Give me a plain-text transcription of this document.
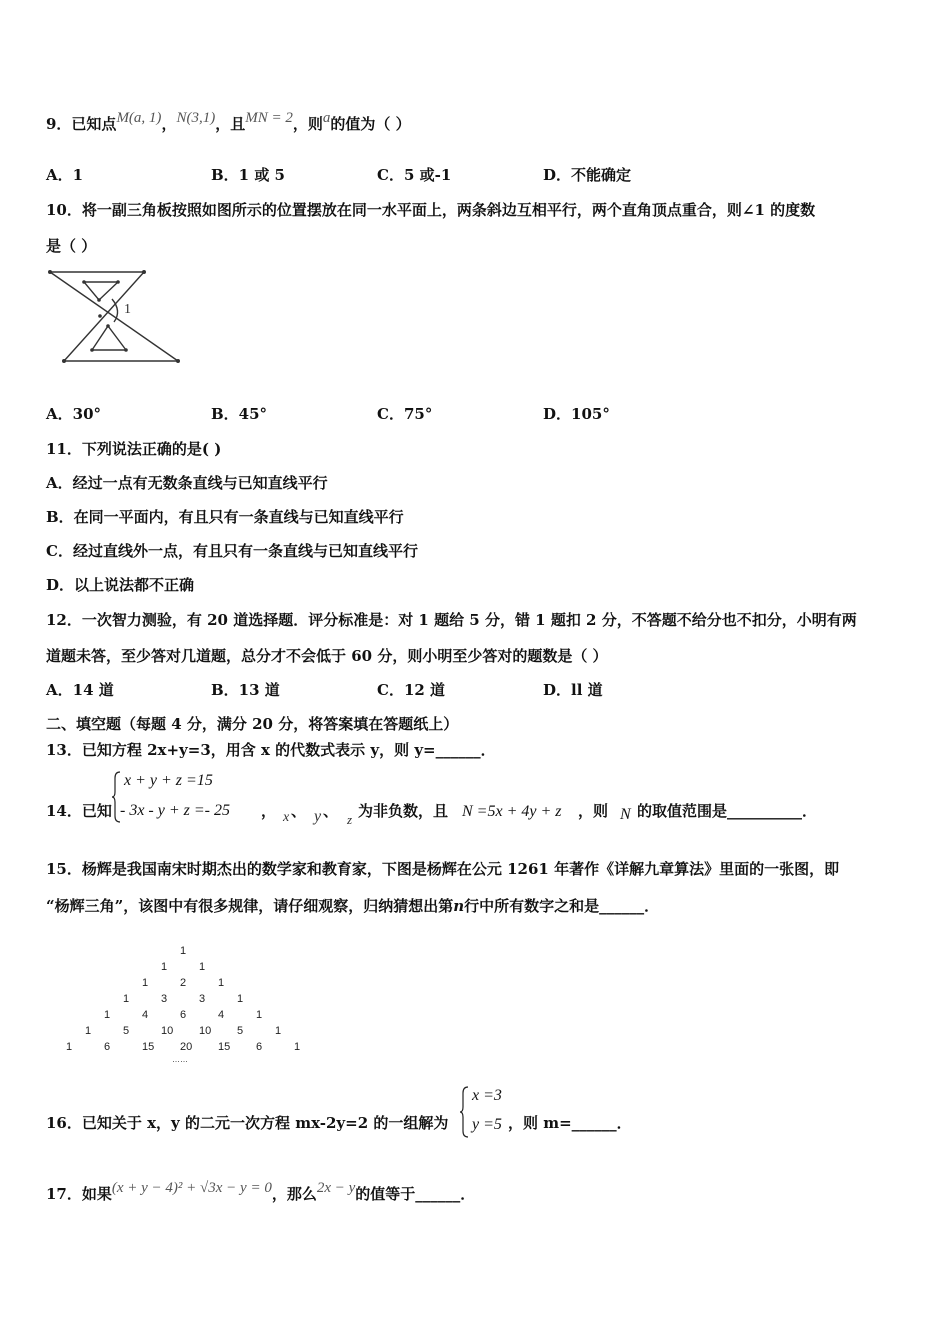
9．已知点M(a, 1)，N(3,1)，且MN = 2，则a的值为（ ）
A．1	B．1 或 5	C．5 或-1	D．不能确定
10．将一副三角板按照如图所示的位置摆放在同一水平面上，两条斜边互相平行，两个直角顶点重合，则∠1 的度数
是（ ）
1
A．30°	B．45°	C．75°	D．105°
11．下列说法正确的是( )
A．经过一点有无数条直线与已知直线平行
B．在同一平面内，有且只有一条直线与已知直线平行
C．经过直线外一点，有且只有一条直线与已知直线平行
D．以上说法都不正确
12．一次智力测验，有 20 道选择题．评分标准是：对 1 题给 5 分，错 1 题扣 2 分，不答题不给分也不扣分，小明有两
道题未答，至少答对几道题，总分才不会低于 60 分，则小明至少答对的题数是（ ）
A．14 道	B．13 道	C．12 道	D．ll 道
二、填空题（每题 4 分，满分 20 分，将答案填在答题纸上）
13．已知方程 2x+y=3，用含 x 的代数式表示 y，则 y=______．
14．已知
x + y + z =15
- 3x - y + z =- 25 ， x 、 y 、 z 为非负数，且 N =5x + 4y + z ，则 N 的取值范围是__________．
15．杨辉是我国南宋时期杰出的数学家和教育家，下图是杨辉在公元 1261 年著作《详解九章算法》里面的一张图，即
“杨辉三角”，该图中有很多规律，请仔细观察，归纳猜想出第n行中所有数字之和是______．
1
1	1
1	2	1
1	3	3	1
1	4	6	4	1
1	5	10 10 5	1
1	6	15 20 15 6	1
……
16．已知关于 x，y 的二元一次方程 mx-2y=2 的一组解为
x =3
y =5 ，则 m=______．
17．如果(x + y − 4)² + √3x − y = 0，那么2x − y的值等于______．
